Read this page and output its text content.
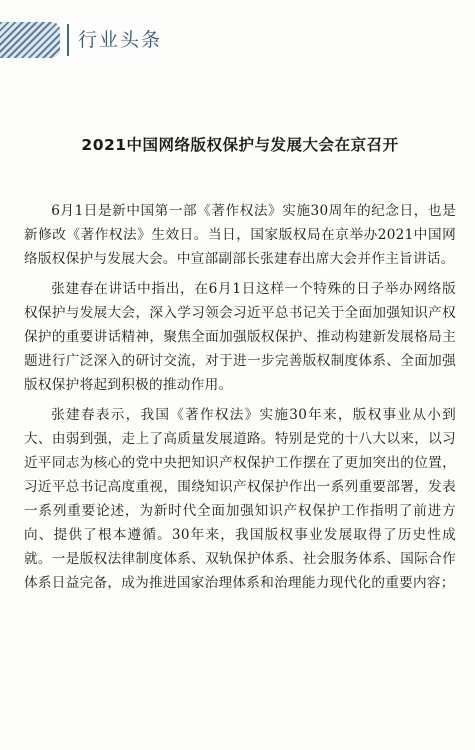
行业头条
2021中国网络版权保护与发展大会在京召开

6月1日是新中国第一部《著作权法》实施30周年的纪念日，也是新修改《著作权法》生效日。当日，国家版权局在京举办2021中国网络版权保护与发展大会。中宣部副部长张建春出席大会并作主旨讲话。

张建春在讲话中指出，在6月1日这样一个特殊的日子举办网络版权保护与发展大会，深入学习领会习近平总书记关于全面加强知识产权保护的重要讲话精神，聚焦全面加强版权保护、推动构建新发展格局主题进行广泛深入的研讨交流，对于进一步完善版权制度体系、全面加强版权保护将起到积极的推动作用。

张建春表示，我国《著作权法》实施30年来，版权事业从小到大、由弱到强，走上了高质量发展道路。特别是党的十八大以来，以习近平同志为核心的党中央把知识产权保护工作摆在了更加突出的位置，习近平总书记高度重视，围绕知识产权保护作出一系列重要部署，发表一系列重要论述，为新时代全面加强知识产权保护工作指明了前进方向、提供了根本遵循。30年来，我国版权事业发展取得了历史性成就。一是版权法律制度体系、双轨保护体系、社会服务体系、国际合作体系日益完备，成为推进国家治理体系和治理能力现代化的重要内容；
